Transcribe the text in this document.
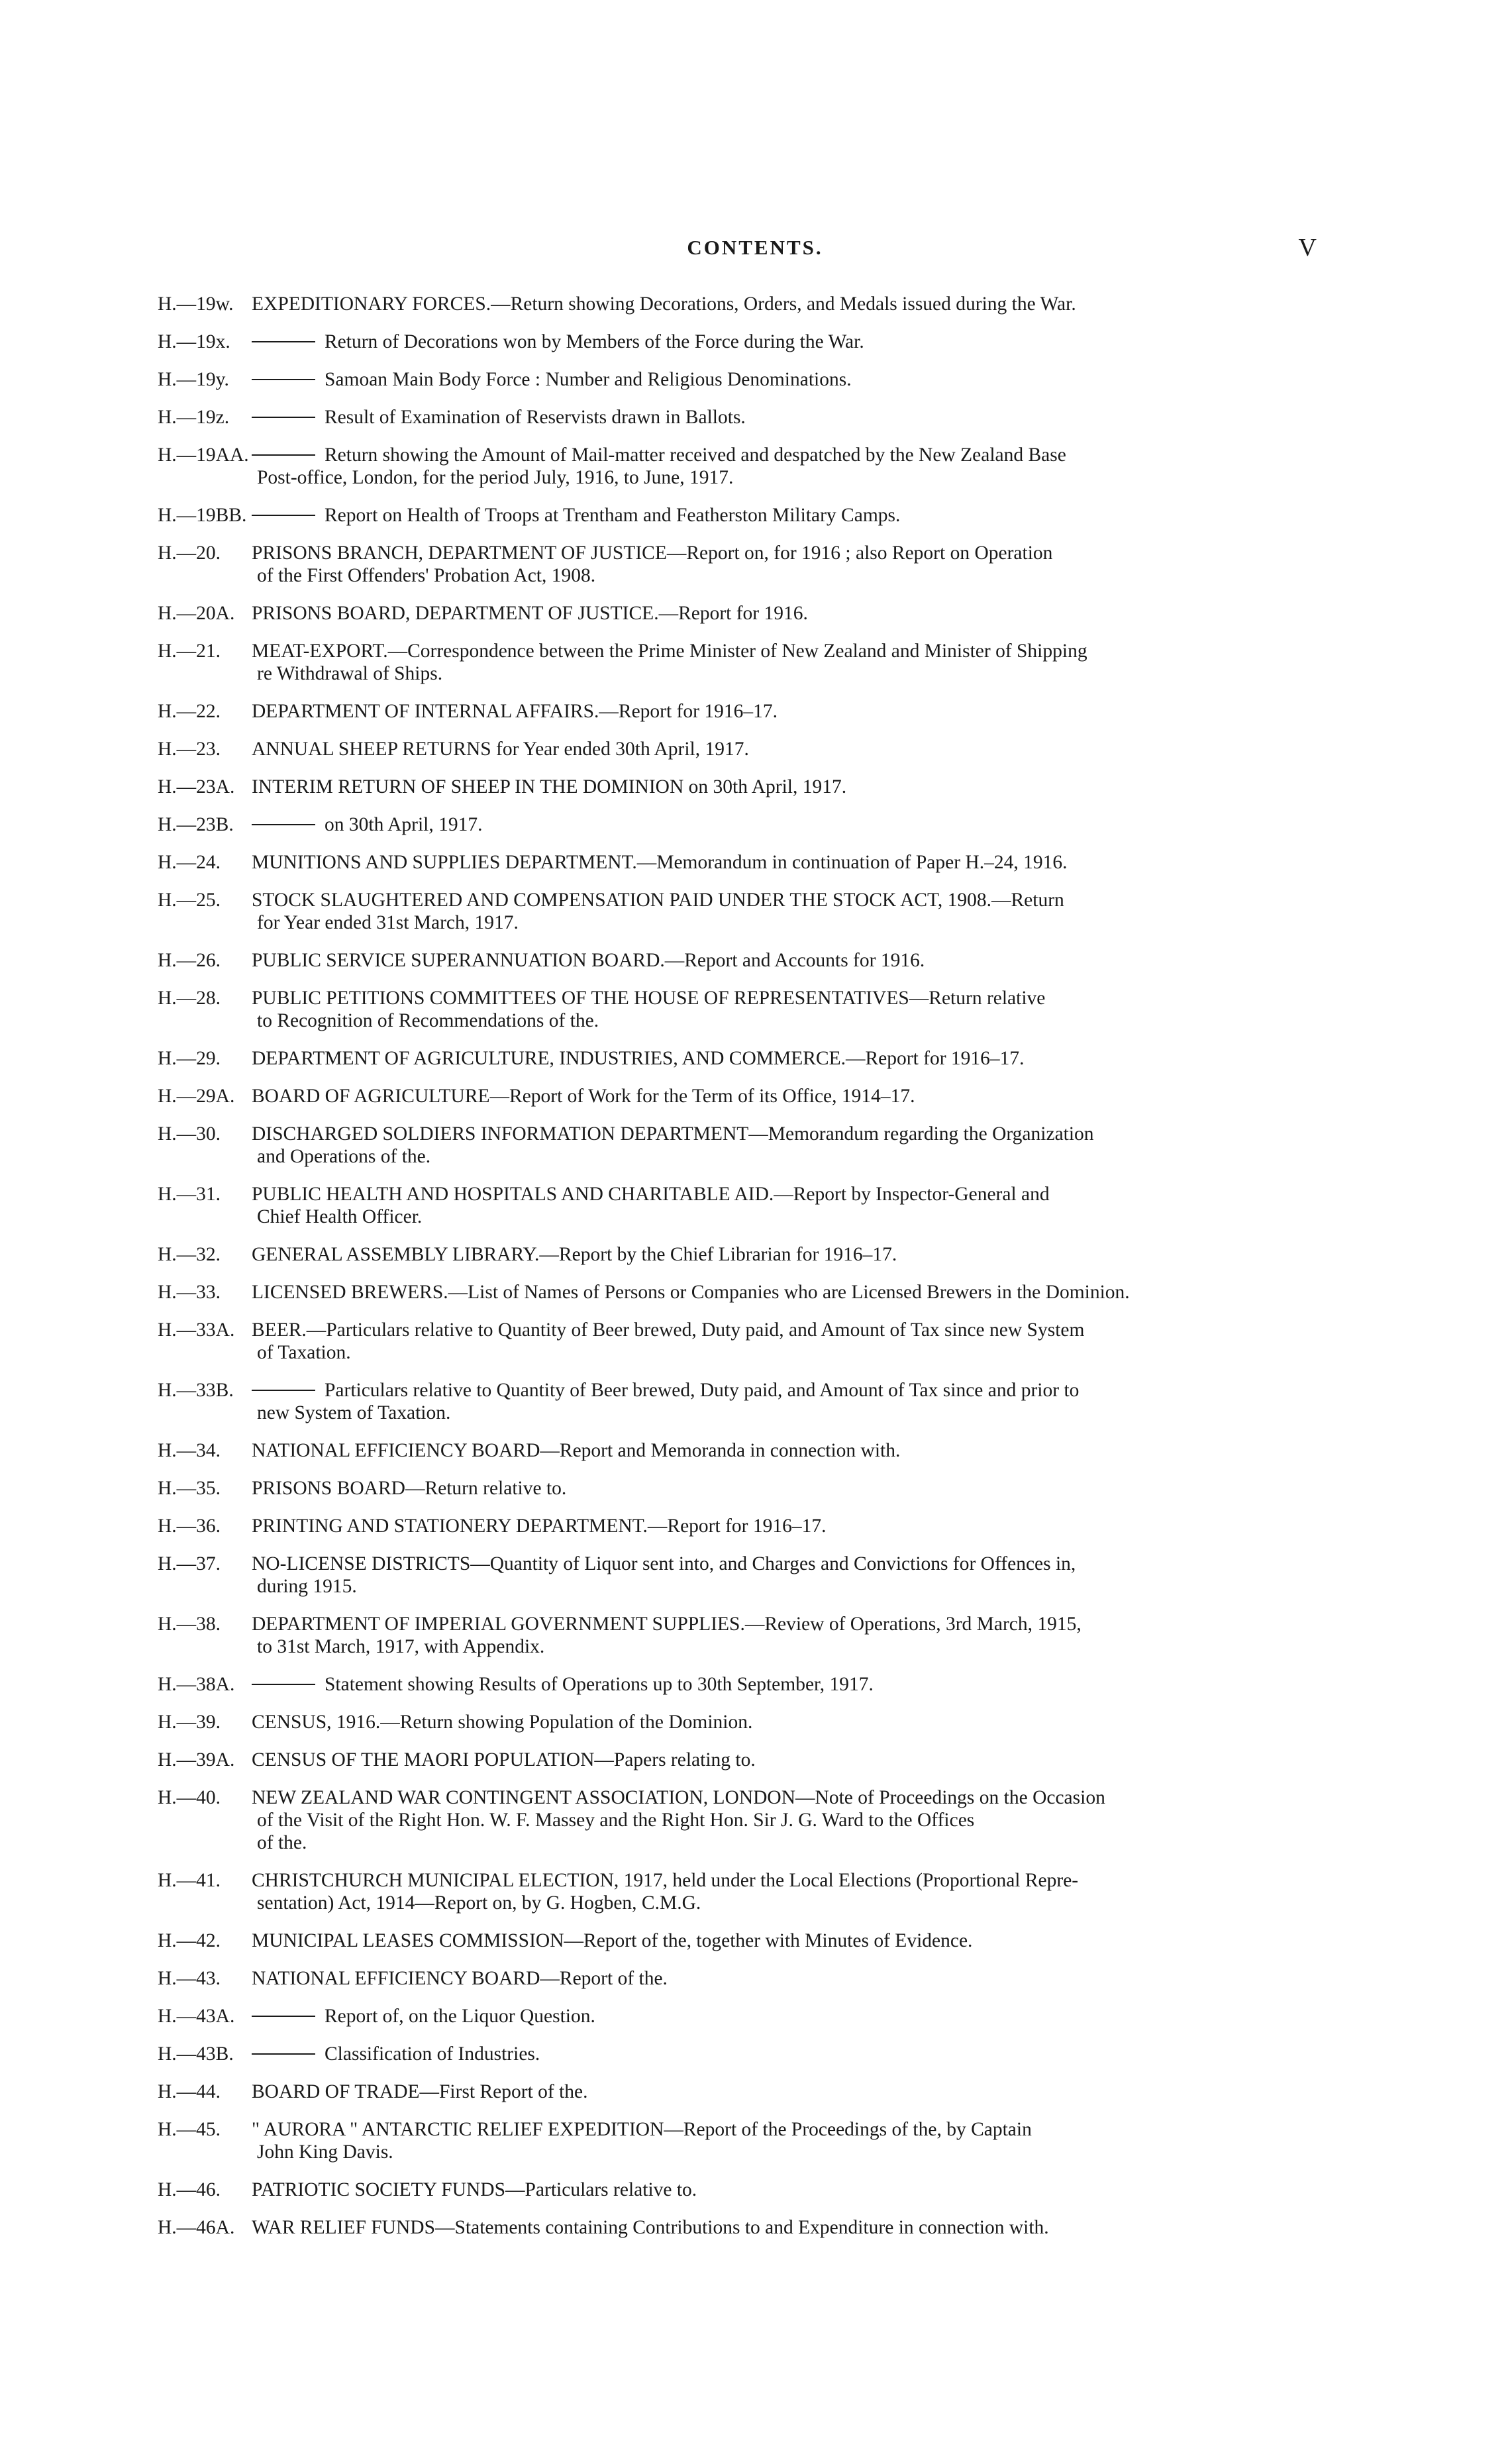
CONTENTS.	V
H.—19w. EXPEDITIONARY FORCES.—Return showing Decorations, Orders, and Medals issued during the War.
H.—19x.	Return of Decorations won by Members of the Force during the War.
H.—19y.	Samoan Main Body Force : Number and Religious Denominations.
H.—19z.	Result of Examination of Reservists drawn in Ballots.
H.—19AA.	Return showing the Amount of Mail-matter received and despatched by the New Zealand Base
Post-office, London, for the period July, 1916, to June, 1917.
H.—19BB.	Report on Health of Troops at Trentham and Featherston Military Camps.
H.—20.	PRISONS BRANCH, DEPARTMENT OF JUSTICE—Report on, for 1916 ; also Report on Operation
of the First Offenders' Probation Act, 1908.
H.—20A. PRISONS BOARD, DEPARTMENT OF JUSTICE.—Report for 1916.
H.—21.	MEAT-EXPORT.—Correspondence between the Prime Minister of New Zealand and Minister of Shipping
re Withdrawal of Ships.
H.—22.	DEPARTMENT OF INTERNAL AFFAIRS.—Report for 1916–17.
H.—23.	ANNUAL SHEEP RETURNS for Year ended 30th April, 1917.
H.—23A. INTERIM RETURN OF SHEEP IN THE DOMINION on 30th April, 1917.
H.—23B.	on 30th April, 1917.
H.—24.	MUNITIONS AND SUPPLIES DEPARTMENT.—Memorandum in continuation of Paper H.–24, 1916.
H.—25.	STOCK SLAUGHTERED AND COMPENSATION PAID UNDER THE STOCK ACT, 1908.—Return
for Year ended 31st March, 1917.
H.—26.	PUBLIC SERVICE SUPERANNUATION BOARD.—Report and Accounts for 1916.
H.—28.	PUBLIC PETITIONS COMMITTEES OF THE HOUSE OF REPRESENTATIVES—Return relative
to Recognition of Recommendations of the.
H.—29.	DEPARTMENT OF AGRICULTURE, INDUSTRIES, AND COMMERCE.—Report for 1916–17.
H.—29A. BOARD OF AGRICULTURE—Report of Work for the Term of its Office, 1914–17.
H.—30.	DISCHARGED SOLDIERS INFORMATION DEPARTMENT—Memorandum regarding the Organization
and Operations of the.
H.—31.	PUBLIC HEALTH AND HOSPITALS AND CHARITABLE AID.—Report by Inspector-General and
Chief Health Officer.
H.—32.	GENERAL ASSEMBLY LIBRARY.—Report by the Chief Librarian for 1916–17.
H.—33.	LICENSED BREWERS.—List of Names of Persons or Companies who are Licensed Brewers in the Dominion.
H.—33A. BEER.—Particulars relative to Quantity of Beer brewed, Duty paid, and Amount of Tax since new System
of Taxation.
H.—33B.	Particulars relative to Quantity of Beer brewed, Duty paid, and Amount of Tax since and prior to
new System of Taxation.
H.—34.	NATIONAL EFFICIENCY BOARD—Report and Memoranda in connection with.
H.—35.	PRISONS BOARD—Return relative to.
H.—36.	PRINTING AND STATIONERY DEPARTMENT.—Report for 1916–17.
H.—37.	NO-LICENSE DISTRICTS—Quantity of Liquor sent into, and Charges and Convictions for Offences in,
during 1915.
H.—38.	DEPARTMENT OF IMPERIAL GOVERNMENT SUPPLIES.—Review of Operations, 3rd March, 1915,
to 31st March, 1917, with Appendix.
H.—38A.	Statement showing Results of Operations up to 30th September, 1917.
H.—39.	CENSUS, 1916.—Return showing Population of the Dominion.
H.—39A. CENSUS OF THE MAORI POPULATION—Papers relating to.
H.—40.	NEW ZEALAND WAR CONTINGENT ASSOCIATION, LONDON—Note of Proceedings on the Occasion
of the Visit of the Right Hon. W. F. Massey and the Right Hon. Sir J. G. Ward to the Offices
of the.
H.—41.	CHRISTCHURCH MUNICIPAL ELECTION, 1917, held under the Local Elections (Proportional Repre-
sentation) Act, 1914—Report on, by G. Hogben, C.M.G.
H.—42.	MUNICIPAL LEASES COMMISSION—Report of the, together with Minutes of Evidence.
H.—43.	NATIONAL EFFICIENCY BOARD—Report of the.
H.—43A.	Report of, on the Liquor Question.
H.—43B.	Classification of Industries.
H.—44.	BOARD OF TRADE—First Report of the.
H.—45.	" AURORA " ANTARCTIC RELIEF EXPEDITION—Report of the Proceedings of the, by Captain
John King Davis.
H.—46.	PATRIOTIC SOCIETY FUNDS—Particulars relative to.
H.—46A. WAR RELIEF FUNDS—Statements containing Contributions to and Expenditure in connection with.
